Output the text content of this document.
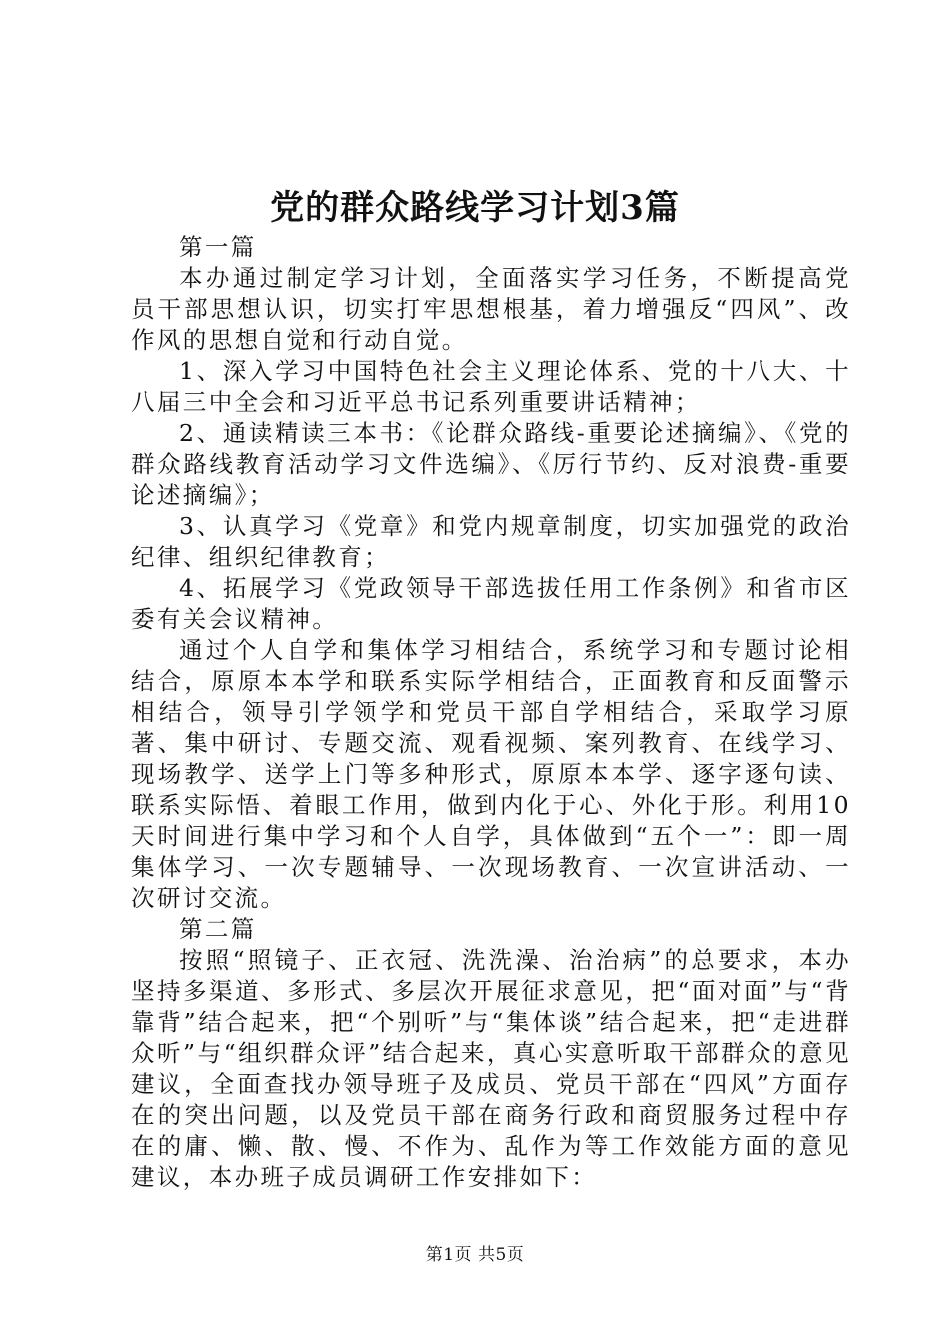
党的群众路线学习计划3篇

第一篇

本办通过制定学习计划，全面落实学习任务，不断提高党员干部思想认识，切实打牢思想根基，着力增强反“四风”、改作风的思想自觉和行动自觉。

1、深入学习中国特色社会主义理论体系、党的十八大、十八届三中全会和习近平总书记系列重要讲话精神；

2、通读精读三本书：《论群众路线-重要论述摘编》、《党的群众路线教育活动学习文件选编》、《厉行节约、反对浪费-重要论述摘编》；

3、认真学习《党章》和党内规章制度，切实加强党的政治纪律、组织纪律教育；

4、拓展学习《党政领导干部选拔任用工作条例》和省市区委有关会议精神。

通过个人自学和集体学习相结合，系统学习和专题讨论相结合，原原本本学和联系实际学相结合，正面教育和反面警示相结合，领导引学领学和党员干部自学相结合，采取学习原著、集中研讨、专题交流、观看视频、案列教育、在线学习、现场教学、送学上门等多种形式，原原本本学、逐字逐句读、联系实际悟、着眼工作用，做到内化于心、外化于形。利用10天时间进行集中学习和个人自学，具体做到“五个一”：即一周集体学习、一次专题辅导、一次现场教育、一次宣讲活动、一次研讨交流。

第二篇

按照“照镜子、正衣冠、洗洗澡、治治病”的总要求，本办坚持多渠道、多形式、多层次开展征求意见，把“面对面”与“背靠背”结合起来，把“个别听”与“集体谈”结合起来，把“走进群众听”与“组织群众评”结合起来，真心实意听取干部群众的意见建议，全面查找办领导班子及成员、党员干部在“四风”方面存在的突出问题，以及党员干部在商务行政和商贸服务过程中存在的庸、懒、散、慢、不作为、乱作为等工作效能方面的意见建议，本办班子成员调研工作安排如下：

第1页 共5页
